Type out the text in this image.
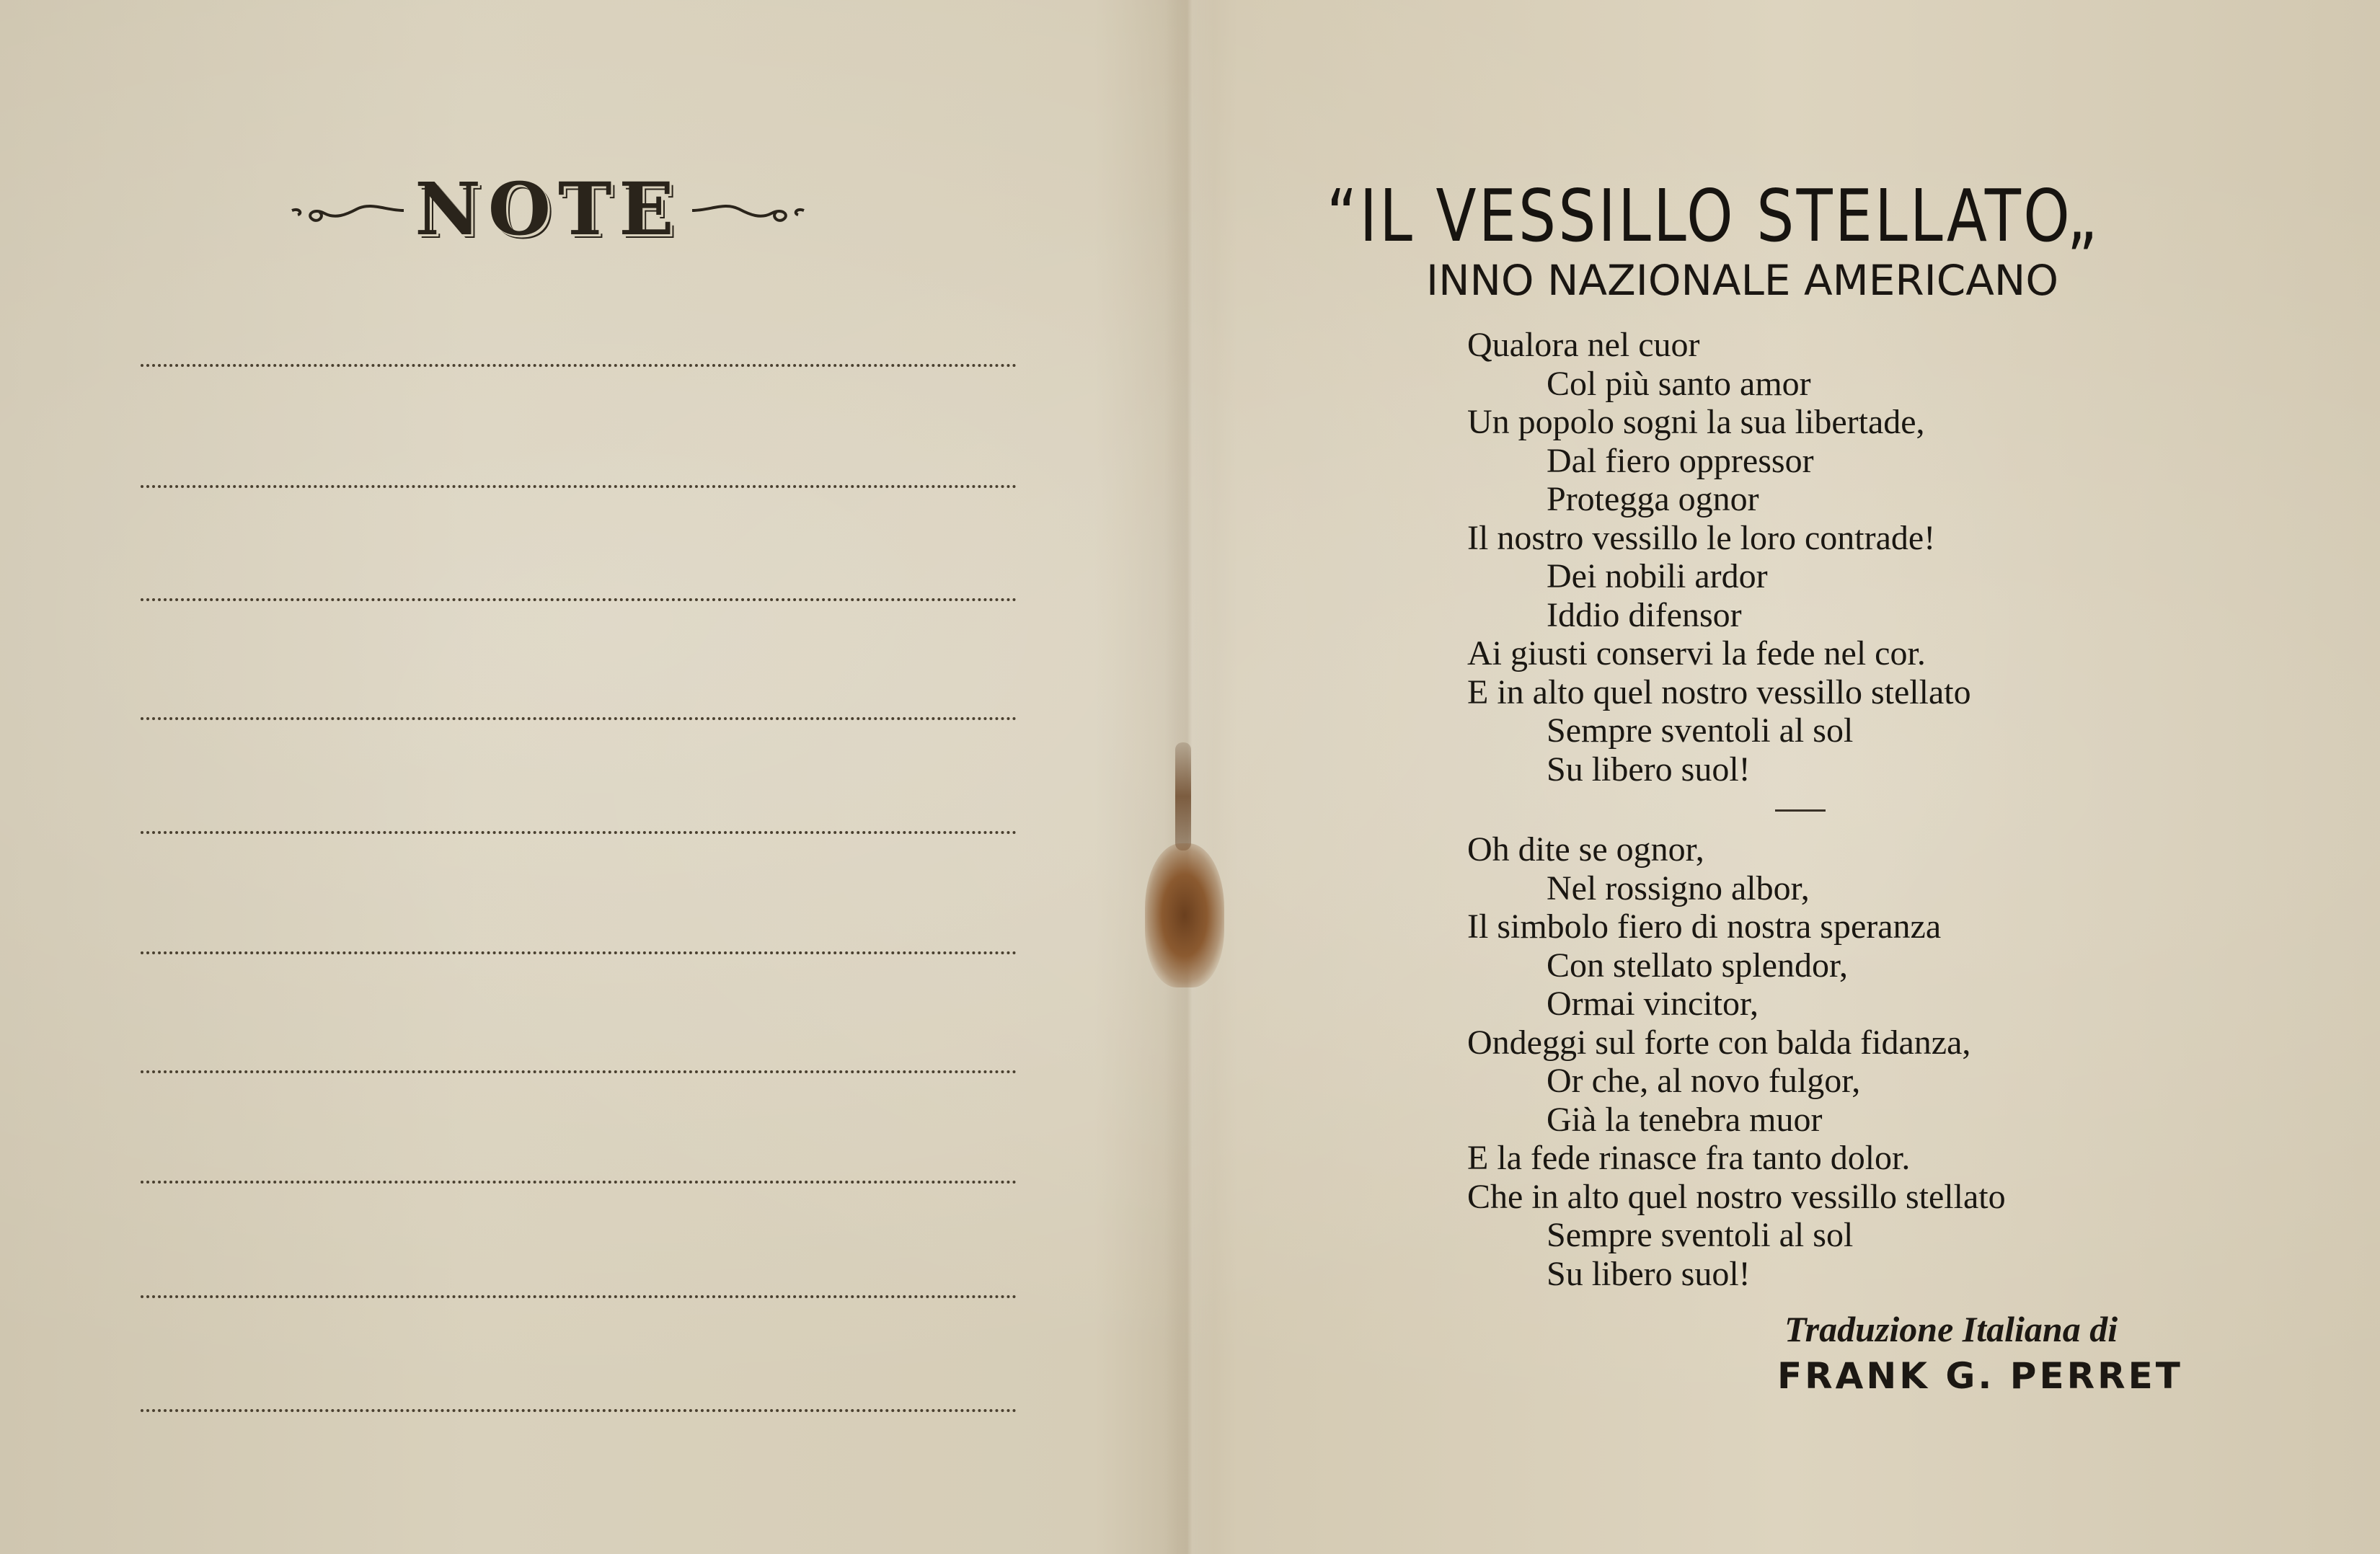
NOTE	“IL VESSILLO STELLATO„
INNO NAZIONALE AMERICANO
Qualora nel cuor
Col più santo amor
Un popolo sogni la sua libertade,
Dal fiero oppressor
Protegga ognor
Il nostro vessillo le loro contrade!
Dei nobili ardor
Iddio difensor
Ai giusti conservi la fede nel cor.
E in alto quel nostro vessillo stellato
Sempre sventoli al sol
Su libero suol!
Oh dite se ognor,
Nel rossigno albor,
Il simbolo fiero di nostra speranza
Con stellato splendor,
Ormai vincitor,
Ondeggi sul forte con balda fidanza,
Or che, al novo fulgor,
Già la tenebra muor
E la fede rinasce fra tanto dolor.
Che in alto quel nostro vessillo stellato
Sempre sventoli al sol
Su libero suol!
Traduzione Italiana di
FRANK G. PERRET
